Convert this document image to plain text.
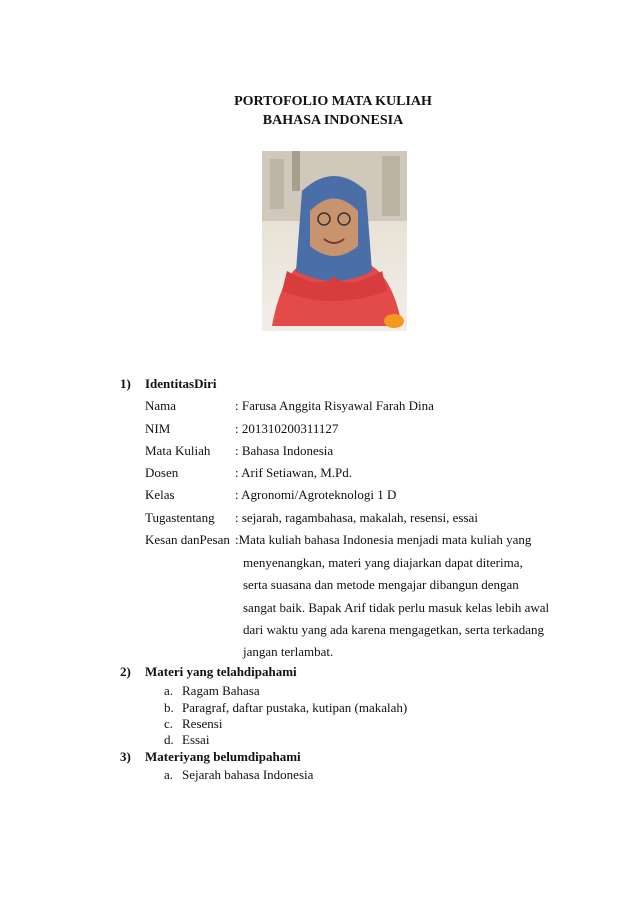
PORTOFOLIO MATA KULIAH
BAHASA INDONESIA
1) IdentitasDiri
Nama	: Farusa Anggita Risyawal Farah Dina
NIM	: 201310200311127
Mata Kuliah : Bahasa Indonesia
Dosen	: Arif Setiawan, M.Pd.
Kelas	: Agronomi/Agroteknologi 1 D
Tugastentang : sejarah, ragambahasa, makalah, resensi, essai
Kesan danPesan :Mata kuliah bahasa Indonesia menjadi mata kuliah yang
menyenangkan, materi yang diajarkan dapat diterima,
serta suasana dan metode mengajar dibangun dengan
sangat baik. Bapak Arif tidak perlu masuk kelas lebih awal
dari waktu yang ada karena mengagetkan, serta terkadang
jangan terlambat.
2) Materi yang telahdipahami
a. Ragam Bahasa
b. Paragraf, daftar pustaka, kutipan (makalah)
c. Resensi
d. Essai
3) Materiyang belumdipahami
a. Sejarah bahasa Indonesia
